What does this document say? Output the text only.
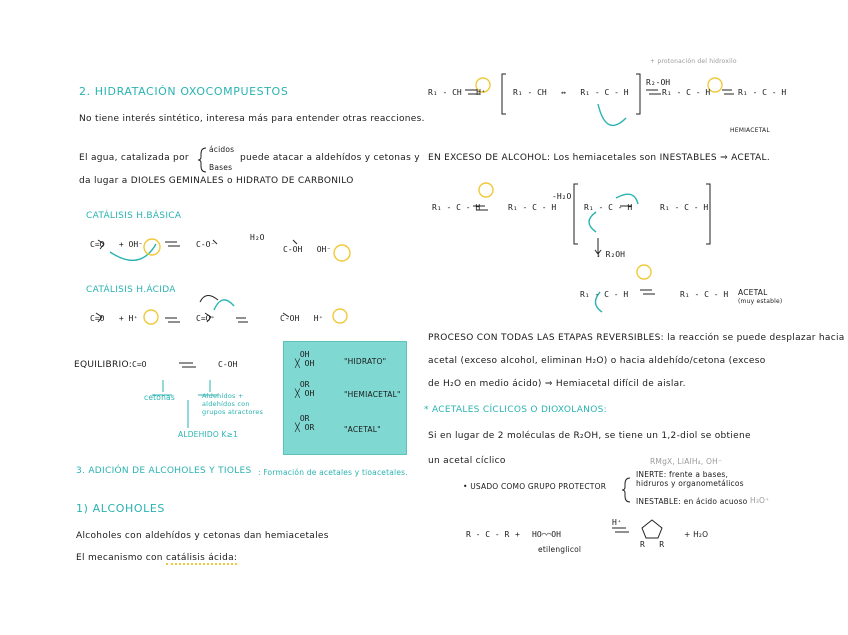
2. HIDRATACIÓN OXOCOMPUESTOS
No tiene interés sintético, interesa más para entender otras reacciones.
El agua, catalizada por
ácidos
Bases
puede atacar a aldehídos y cetonas y
da lugar a DIOLES GEMINALES o HIDRATO DE CARBONILO
CATÁLISIS H.BÁSICA
C=O   + OH⁻	C-O⁻
C-OH   OH⁻
H₂O
CATÁLISIS H.ÁCIDA
C=O   + H⁺	C=O⁺	C-OH   H⁺
EQUILIBRIO: C=O	C-OH
cetonas	Aldehídos + aldehídos con grupos atractores
ALDEHIDO K≥1
OH
╳ OH	"HIDRATO"
OR
╳ OH	"HEMIACETAL"
OR
╳ OR	"ACETAL"
3. ADICIÓN DE ALCOHOLES Y TIOLES : Formación de acetales y tioacetales.
1) ALCOHOLES
Alcoholes con aldehídos y cetonas dan hemiacetales
El mecanismo con catálisis ácida:
+ protonación del hidroxilo
R₁ - CH   H⁺	R₁ - CH   ↔   R₁ - C - H
R₂-OH
R₁ - C - H	R₁ - C - H
HEMIACETAL
EN EXCESO DE ALCOHOL: Los hemiacetales son INESTABLES ⇒ ACETAL.
R₁ - C - H	R₁ - C - H
-H₂O
R₁ - C - H	R₁ - C - H
↓ R₂OH
R₁ - C - H	R₁ - C - H ACETAL
(muy estable)
PROCESO CON TODAS LAS ETAPAS REVERSIBLES: la reacción se puede desplazar hacia
acetal (exceso alcohol, eliminan H₂O) o hacia aldehído/cetona (exceso
de H₂O en medio ácido) ⇒ Hemiacetal difícil de aislar.
* ACETALES CÍCLICOS O DIOXOLANOS:
Si en lugar de 2 moléculas de R₂OH, se tiene un 1,2-diol se obtiene
un acetal cíclico	RMgX, LiAlH₄, OH⁻
• USADO COMO GRUPO PROTECTOR
INERTE: frente a bases, hidruros y organometálicos
INESTABLE: en ácido acuoso H₃O⁺
R - C - R + HO⌒⌒OH
etilenglicol
H⁺
R   R
+ H₂O
